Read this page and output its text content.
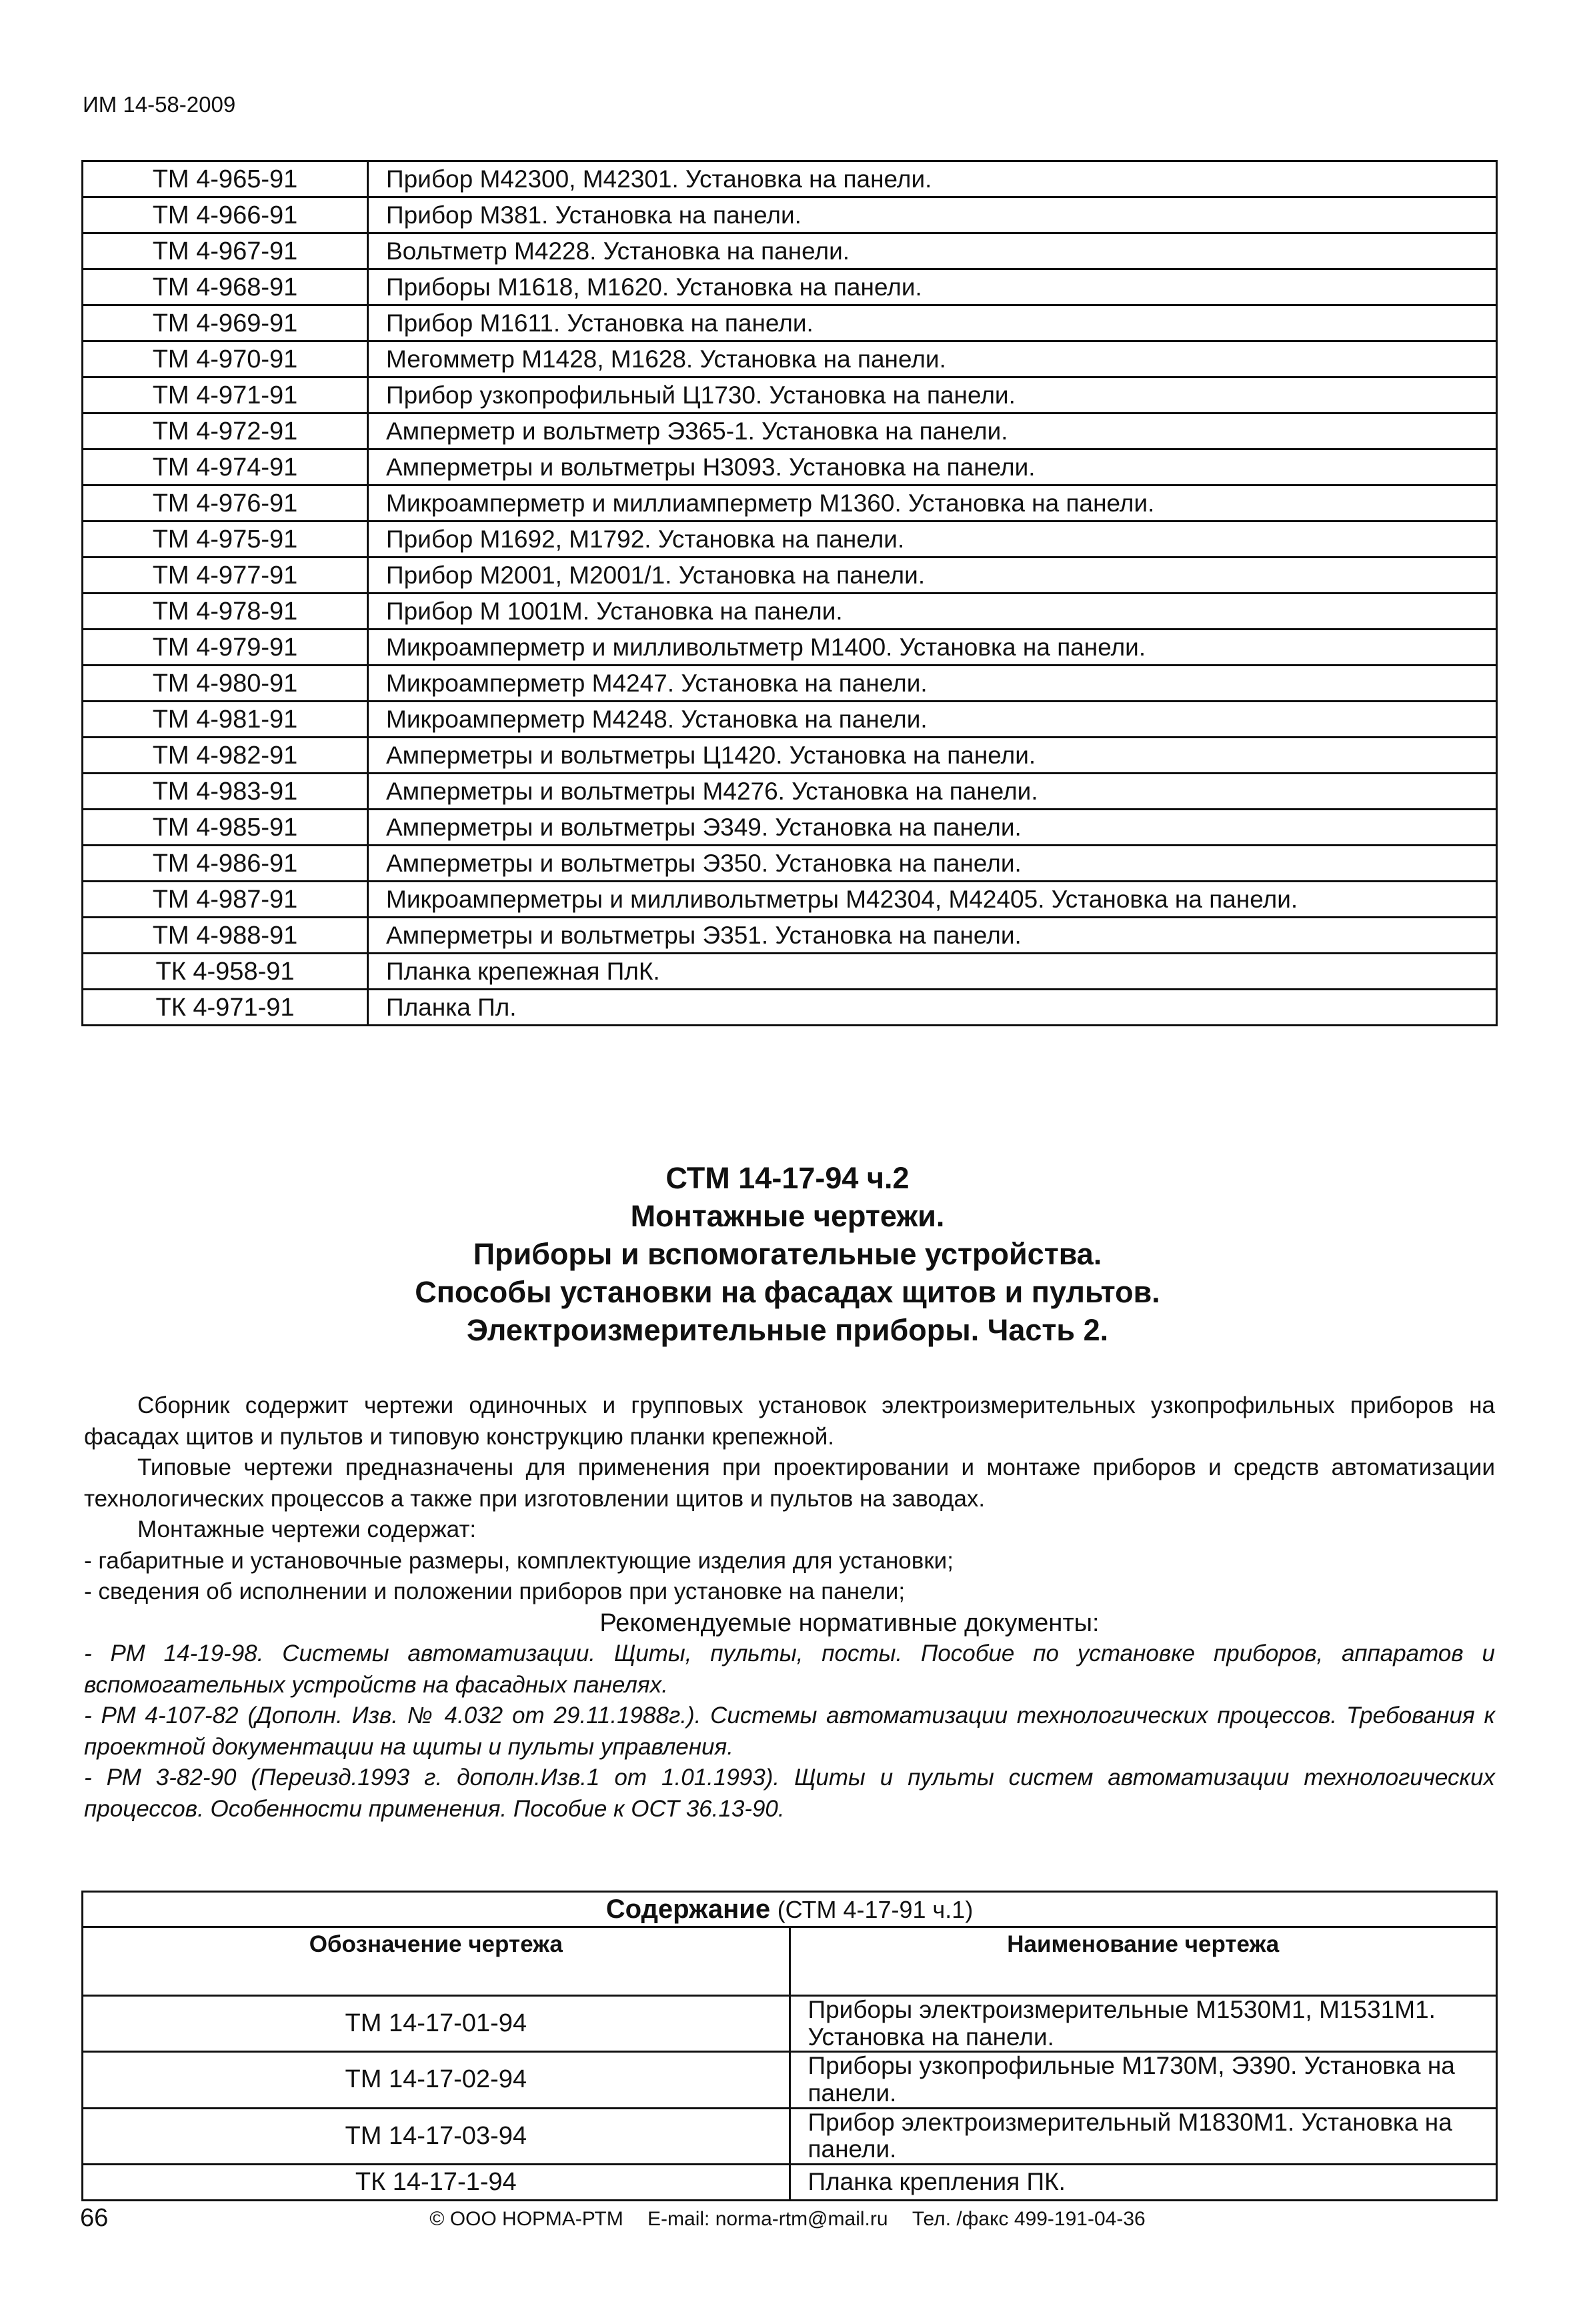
ИМ 14-58-2009
ТМ 4-965-91	Прибор М42300, М42301. Установка на панели.
ТМ 4-966-91	Прибор М381. Установка на панели.
ТМ 4-967-91	Вольтметр М4228. Установка на панели.
ТМ 4-968-91	Приборы М1618, М1620. Установка на панели.
ТМ 4-969-91	Прибор М1611. Установка на панели.
ТМ 4-970-91	Мегомметр М1428, М1628. Установка на панели.
ТМ 4-971-91	Прибор узкопрофильный Ц1730. Установка на панели.
ТМ 4-972-91	Амперметр и вольтметр Э365-1. Установка на панели.
ТМ 4-974-91	Амперметры и вольтметры Н3093. Установка на панели.
ТМ 4-976-91	Микроамперметр и миллиамперметр М1360. Установка на панели.
ТМ 4-975-91	Прибор М1692, М1792. Установка на панели.
ТМ 4-977-91	Прибор М2001, М2001/1. Установка на панели.
ТМ 4-978-91	Прибор М 1001М. Установка на панели.
ТМ 4-979-91	Микроамперметр и милливольтметр М1400. Установка на панели.
ТМ 4-980-91	Микроамперметр М4247. Установка на панели.
ТМ 4-981-91	Микроамперметр М4248. Установка на панели.
ТМ 4-982-91	Амперметры и вольтметры Ц1420. Установка на панели.
ТМ 4-983-91	Амперметры и вольтметры М4276. Установка на панели.
ТМ 4-985-91	Амперметры и вольтметры Э349. Установка на панели.
ТМ 4-986-91	Амперметры и вольтметры Э350. Установка на панели.
ТМ 4-987-91	Микроамперметры и милливольтметры М42304, М42405. Установка на панели.
ТМ 4-988-91	Амперметры и вольтметры Э351. Установка на панели.
ТК 4-958-91	Планка крепежная ПлК.
ТК 4-971-91	Планка Пл.
СТМ 14-17-94 ч.2
Монтажные чертежи.
Приборы и вспомогательные устройства.
Способы установки на фасадах щитов и пультов.
Электроизмерительные приборы. Часть 2.

Сборник содержит чертежи одиночных и групповых установок электроизмерительных узкопрофильных приборов на фасадах щитов и пультов и типовую конструкцию планки крепежной.

Типовые чертежи предназначены для применения при проектировании и монтаже приборов и средств автоматизации технологических процессов а также при изготовлении щитов и пультов на заводах.

Монтажные чертежи содержат:

- габаритные и установочные размеры, комплектующие изделия для установки;

- сведения об исполнении и положении приборов при установке на панели;

Рекомендуемые нормативные документы:

- РМ 14-19-98. Системы автоматизации. Щиты, пульты, посты. Пособие по установке приборов, аппаратов и вспомогательных устройств на фасадных панелях.

- РМ 4-107-82 (Дополн. Изв. № 4.032 от 29.11.1988г.). Системы автоматизации технологических процессов. Требования к проектной документации на щиты и пульты управления.

- РМ 3-82-90 (Переизд.1993 г. дополн.Изв.1 от 1.01.1993). Щиты и пульты систем автоматизации технологических процессов. Особенности применения. Пособие к ОСТ 36.13-90.

Содержание (СТМ 4-17-91 ч.1)	
Обозначение чертежа	Наименование чертежа
ТМ 14-17-01-94	Приборы электроизмерительные М1530М1, М1531М1. Установка на панели.
ТМ 14-17-02-94	Приборы узкопрофильные М1730М, Э390. Установка на панели.
ТМ 14-17-03-94	Прибор электроизмерительный М1830М1. Установка на панели.
ТК 14-17-1-94	Планка крепления ПК.
66	© ООО НОРМА-РТМ E-mail: norma-rtm@mail.ru Тел. /факс 499-191-04-36
